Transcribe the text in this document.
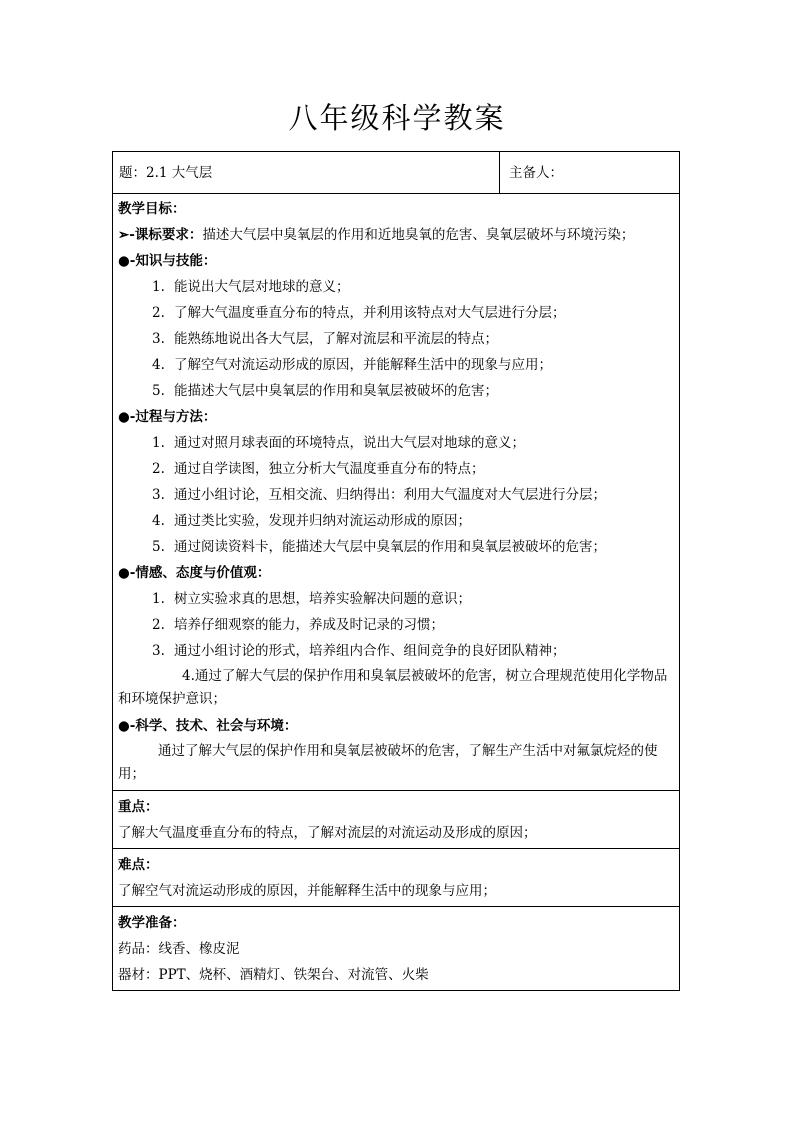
八年级科学教案
题： 2.1 大气层	主备人：
教学目标：
➢-课标要求：描述大气层中臭氧层的作用和近地臭氧的危害、臭氧层破坏与环境污染；
●-知识与技能：
1. 能说出大气层对地球的意义；
2. 了解大气温度垂直分布的特点，并利用该特点对大气层进行分层；
3. 能熟练地说出各大气层，了解对流层和平流层的特点；
4. 了解空气对流运动形成的原因，并能解释生活中的现象与应用；
5. 能描述大气层中臭氧层的作用和臭氧层被破坏的危害；
●-过程与方法：
1. 通过对照月球表面的环境特点，说出大气层对地球的意义；
2. 通过自学读图，独立分析大气温度垂直分布的特点；
3. 通过小组讨论，互相交流、归纳得出：利用大气温度对大气层进行分层；
4. 通过类比实验，发现并归纳对流运动形成的原因；
5. 通过阅读资料卡，能描述大气层中臭氧层的作用和臭氧层被破坏的危害；
●-情感、态度与价值观：
1. 树立实验求真的思想，培养实验解决问题的意识；
2. 培养仔细观察的能力，养成及时记录的习惯；
3. 通过小组讨论的形式，培养组内合作、组间竞争的良好团队精神；
4.通过了解大气层的保护作用和臭氧层被破坏的危害，树立合理规范使用化学物品和环境保护意识；
●-科学、技术、社会与环境：
通过了解大气层的保护作用和臭氧层被破坏的危害，了解生产生活中对氟氯烷烃的使用；
重点：
了解大气温度垂直分布的特点，了解对流层的对流运动及形成的原因；
难点：
了解空气对流运动形成的原因，并能解释生活中的现象与应用；
教学准备：
药品：线香、橡皮泥
器材：PPT、烧杯、酒精灯、铁架台、对流管、火柴
